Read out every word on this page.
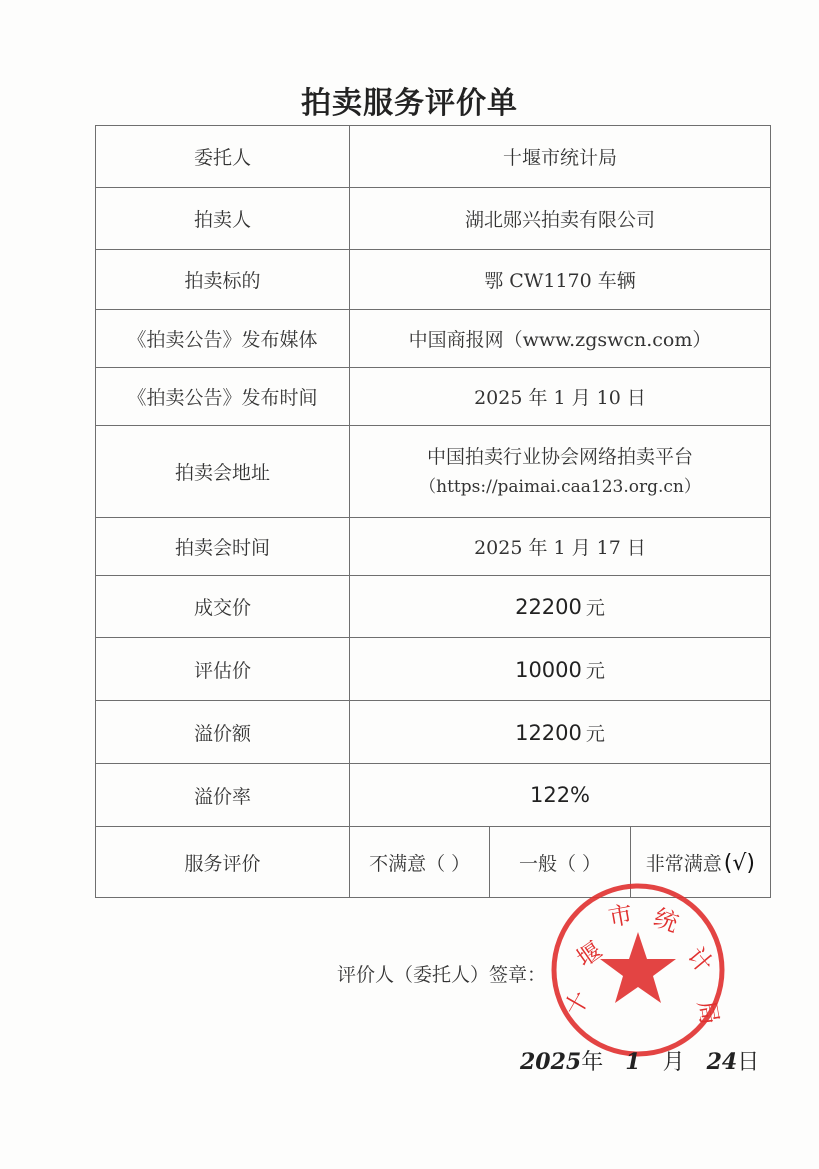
拍卖服务评价单
委托人	十堰市统计局		
拍卖人	湖北郧兴拍卖有限公司		
拍卖标的	鄂 CW1170 车辆		
《拍卖公告》发布媒体	中国商报网（www.zgswcn.com）		
《拍卖公告》发布时间	2025 年 1 月 10 日		
拍卖会地址	中国拍卖行业协会网络拍卖平台
（https://paimai.caa123.org.cn）		

拍卖会时间	2025 年 1 月 17 日		
成交价	22200 元		
评估价	10000 元		
溢价额	12200 元		
溢价率	122%		
服务评价	不满意（ ）	一般（ ）	非常满意(√)
评价人（委托人）签章：
十
堰
市 统
计
局
2025年 1 月 24日
